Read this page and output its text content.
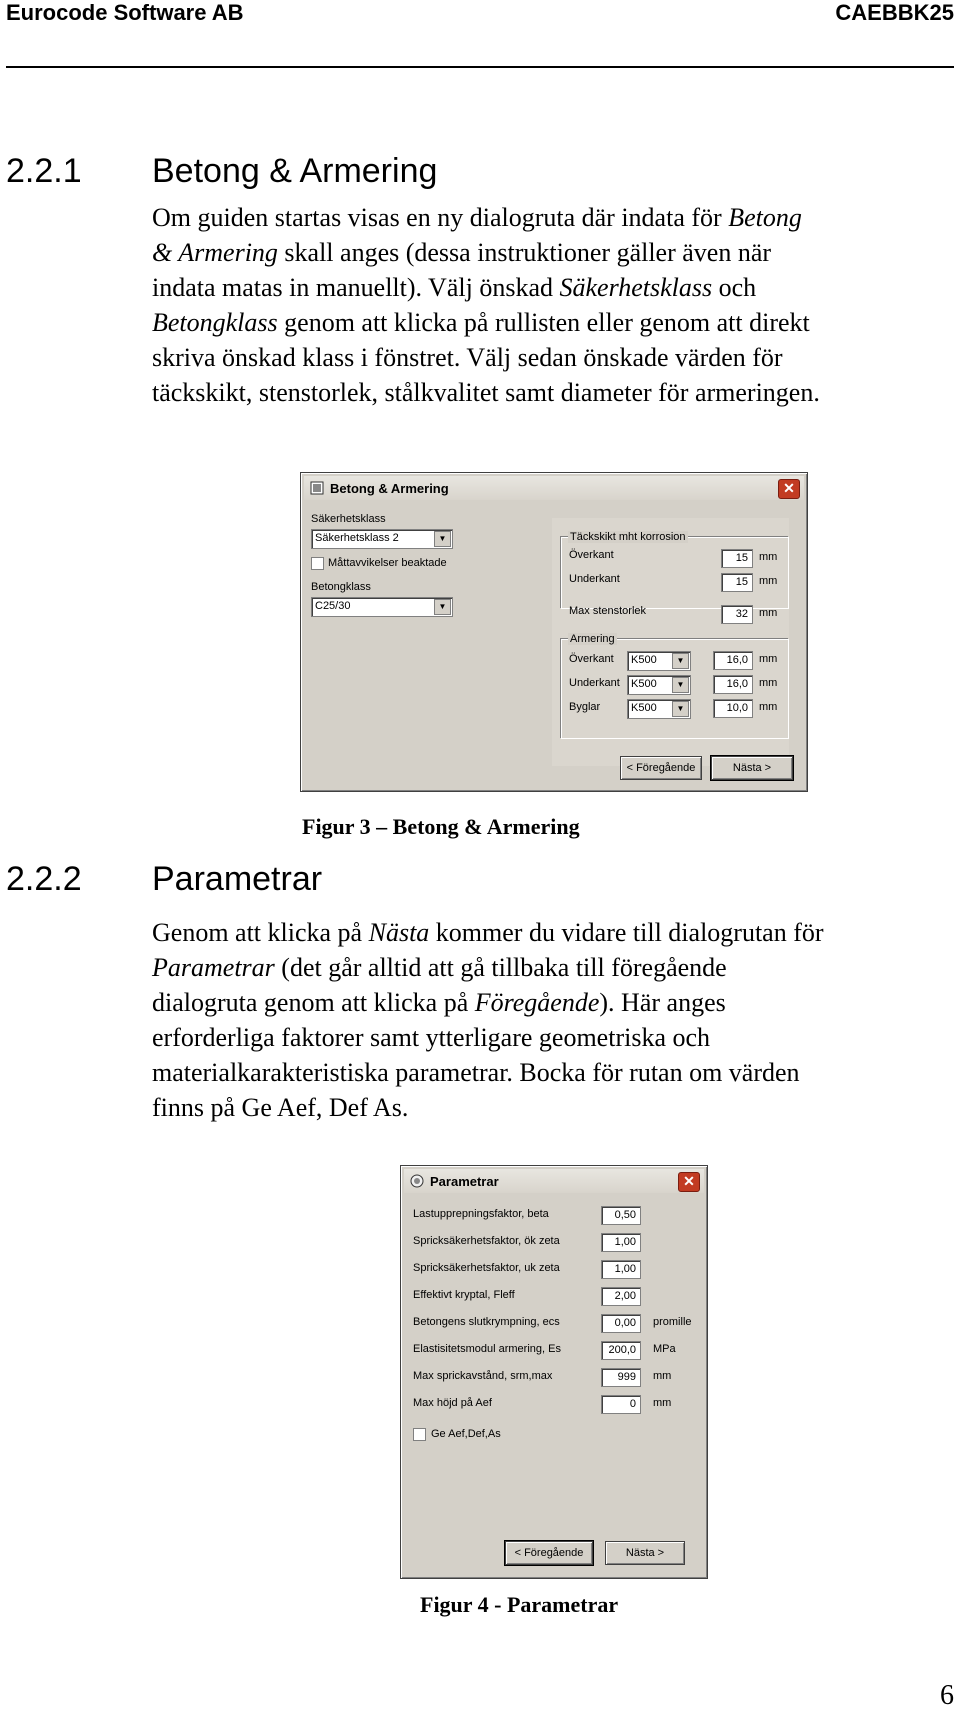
Eurocode Software AB	CAEBBK25
2.2.1 Betong & Armering
Om guiden startas visas en ny dialogruta där indata för Betong
& Armering skall anges (dessa instruktioner gäller även när
indata matas in manuellt). Välj önskad Säkerhetsklass och
Betongklass genom att klicka på rullisten eller genom att direkt
skriva önskad klass i fönstret. Välj sedan önskade värden för
täckskikt, stenstorlek, stålkvalitet samt diameter för armeringen.
Betong & Armering	✕
Säkerhetsklass
Säkerhetsklass 2	▼
Måttavvikelser beaktade
Betongklass
C25/30	▼
Täckskikt mht korrosion
Överkant	15 mm
Underkant	15 mm
Max stenstorlek	32 mm
Armering
Överkant K500	▼	16,0 mm
Underkant K500	▼	16,0 mm
Byglar	K500	▼	10,0 mm
< Föregående	Nästa >
Figur 3 – Betong & Armering
2.2.2 Parametrar
Genom att klicka på Nästa kommer du vidare till dialogrutan för
Parametrar (det går alltid att gå tillbaka till föregående
dialogruta genom att klicka på Föregående). Här anges
erforderliga faktorer samt ytterligare geometriska och
materialkarakteristiska parametrar. Bocka för rutan om värden
finns på Ge Aef, Def As.
Parametrar	✕
Lastupprepningsfaktor, beta	0,50
Spricksäkerhetsfaktor, ök zeta	1,00
Spricksäkerhetsfaktor, uk zeta	1,00
Effektivt kryptal, Fleff	2,00
Betongens slutkrympning, ecs	0,00 promille
Elastisitetsmodul armering, Es	200,0 MPa
Max sprickavstånd, srm,max	999 mm
Max höjd på Aef	0 mm
Ge Aef,Def,As
< Föregående	Nästa >
Figur 4 - Parametrar
6
